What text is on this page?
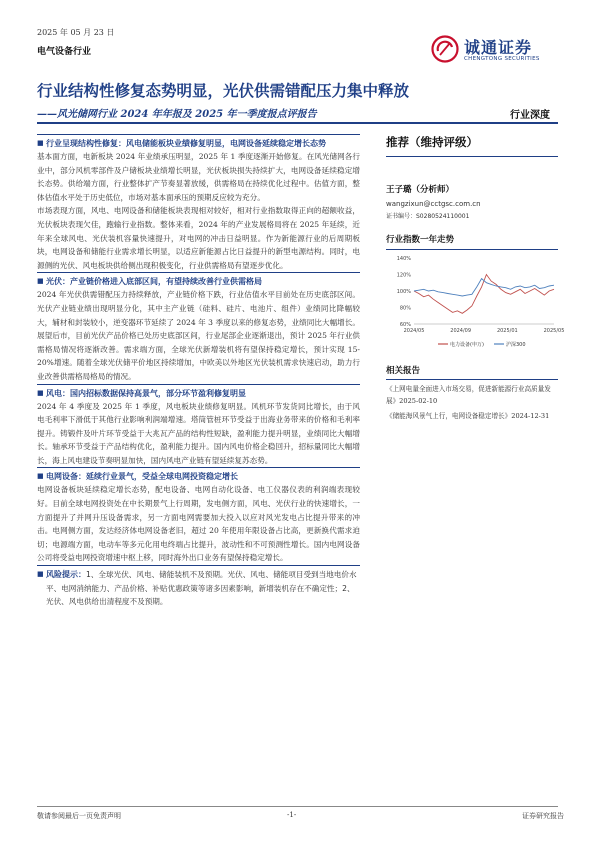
2025 年 05 月 23 日
电气设备行业	诚通证券
CHENGTONG SECURITIES
行业结构性修复态势明显，光伏供需错配压力集中释放
——风光储网行业 2024 年年报及 2025 年一季度报点评报告	行业深度
■ 行业呈现结构性修复：风电储能板块业绩修复明显，电网设备延续稳定增长态势

基本面方面，电新板块 2024 年业绩承压明显，2025 年 1 季度逐渐开始修复。在风光储网各行业中，部分风机零部件及户储板块业绩增长明显，光伏板块损失持续扩大，电网设备延续稳定增长态势。供给端方面，行业整体扩产节奏显著放缓，供需格局在持续优化过程中。估值方面，整体估值水平处于历史低位，市场对基本面承压的预期反应较为充分。

市场表现方面，风电、电网设备和储能板块表现相对较好，相对行业指数取得正向的超额收益，光伏板块表现欠佳，跑输行业指数。整体来看，2024 年的产业发展格局将在 2025 年延续，近年来全球风电、光伏装机容量快速提升，对电网的冲击日益明显。作为新能源行业的后周期板块，电网设备和储能行业需求增长明显，以适应新能源占比日益提升的新型电源结构。同时，电源侧的光伏、风电板块供给侧出现积极变化，行业供需格局有望逐步优化。

■ 光伏：产业链价格进入底部区间，有望持续改善行业供需格局

2024 年光伏供需错配压力持续释放，产业链价格下跌，行业估值水平目前处在历史底部区间。光伏产业链业绩出现明显分化，其中主产业链（硅料、硅片、电池片、组件）业绩同比降幅较大，辅材和封装较小，逆变器环节延续了 2024 年 3 季度以来的修复态势，业绩同比大幅增长。展望后市，目前光伏产品价格已处历史底部区间，行业尾部企业逐渐退出，预计 2025 年行业供需格局情况将逐渐改善。需求端方面，全球光伏新增装机将有望保持稳定增长，预计实现 15-20%增速。随着全球光伏储平价地区持续增加，中欧美以外地区光伏装机需求快速启动，助力行业改善供需格局格局的情况。

■ 风电：国内招标数据保持高景气，部分环节盈利修复明显

2024 年 4 季度及 2025 年 1 季度，风电板块业绩修复明显。风机环节发货同比增长，由于风电毛利率下滑低于其他行业影响利润端增速。塔筒管桩环节受益于出海业务带来的价格和毛利率提升。铸锻件及叶片环节受益于大兆瓦产品的结构性短缺，盈利能力提升明显，业绩同比大幅增长。轴承环节受益于产品结构优化，盈利能力提升。国内风电价格企稳回升，招标量同比大幅增长，海上风电建设节奏明显加快，国内风电产业链有望延续复苏态势。

■ 电网设备：延续行业景气，受益全球电网投资稳定增长

电网设备板块延续稳定增长态势，配电设备、电网自动化设备、电工仪器仪表的利润端表现较好。目前全球电网投资处在中长期景气上行周期，发电侧方面，风电、光伏行业的快速增长，一方面提升了并网升压设备需求，另一方面电网需要加大投入以应对风光发电占比提升带来的冲击。电网侧方面，发达经济体电网设备老旧，超过 20 年使用年限设备占比高，更新换代需求迫切；电源端方面，电动车等多元化用电终端占比提升，波动性和不可预测性增长。国内电网设备公司将受益电网投资增速中枢上移，同时海外出口业务有望保持稳定增长。

■ 风险提示：1、全球光伏、风电、储能装机不及预期。光伏、风电、储能项目受到当地电价水平、电网消纳能力、产品价格、补贴优惠政策等诸多因素影响，新增装机存在不确定性；2、光伏、风电供给出清程度不及预期。
推荐（维持评级）
王子璐（分析师）
wangzixun@cctgsc.com.cn
证书编号：S0280524110001
行业指数一年走势
140%
120%
100%
80%
60%
2024/05	2024/09	2025/01	2025/05
电力设备(申万)	沪深300
相关报告
《上网电量全面进入市场交易，促进新能源行业高质量发展》2025-02-10
《储能海风景气上行，电网设备稳定增长》2024-12-31
敬请参阅最后一页免责声明	-1-	证券研究报告
